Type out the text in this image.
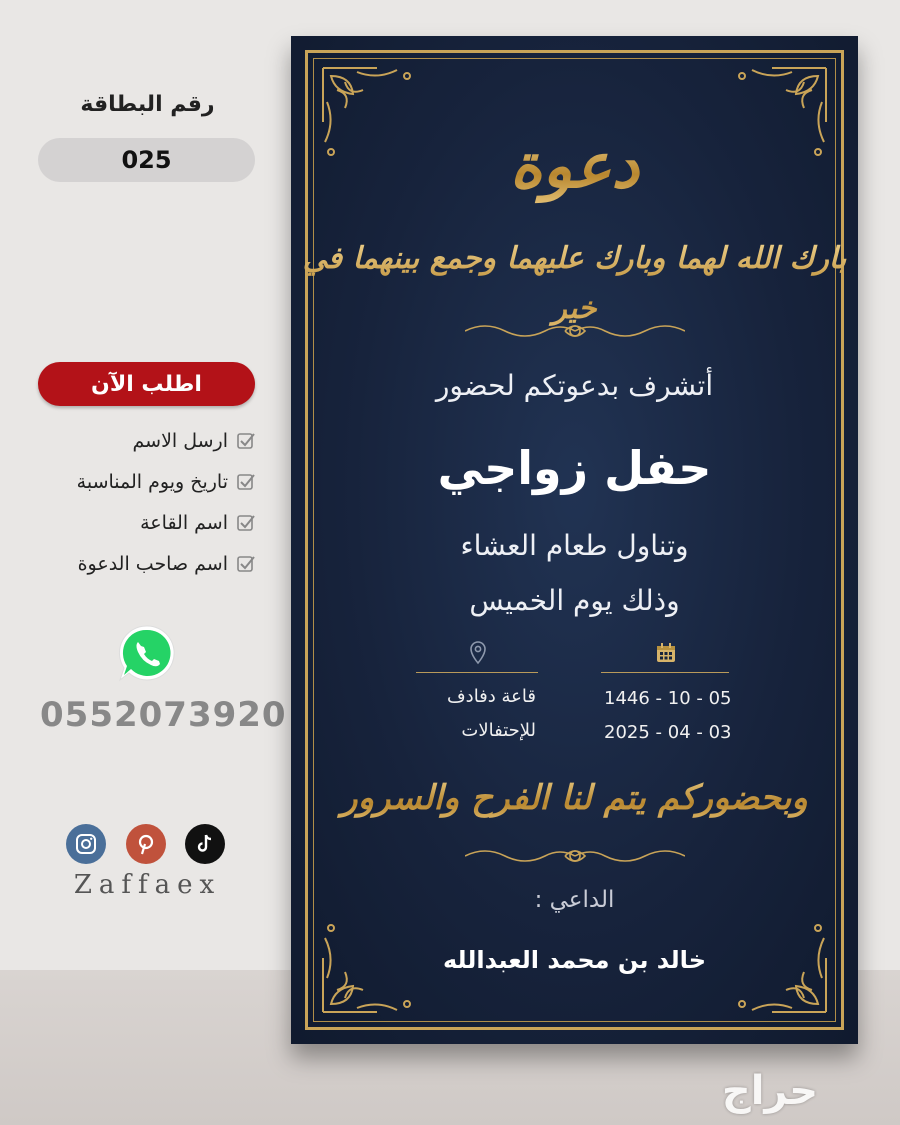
رقم البطاقة
025
اطلب الآن
ارسل الاسم
تاريخ ويوم المناسبة
اسم القاعة
اسم صاحب الدعوة
0552073920
Zaffaex
دعوة
بارك الله لهما وبارك عليهما وجمع بينهما في خير
أتشرف بدعوتكم لحضور
حفل زواجي
وتناول طعام العشاء
وذلك يوم الخميس
قاعة دفادف
للإحتفالات
1446 - 10 - 05
2025 - 04 - 03
وبحضوركم يتم لنا الفرح والسرور
الداعي :
خالد بن محمد العبدالله
حراج
